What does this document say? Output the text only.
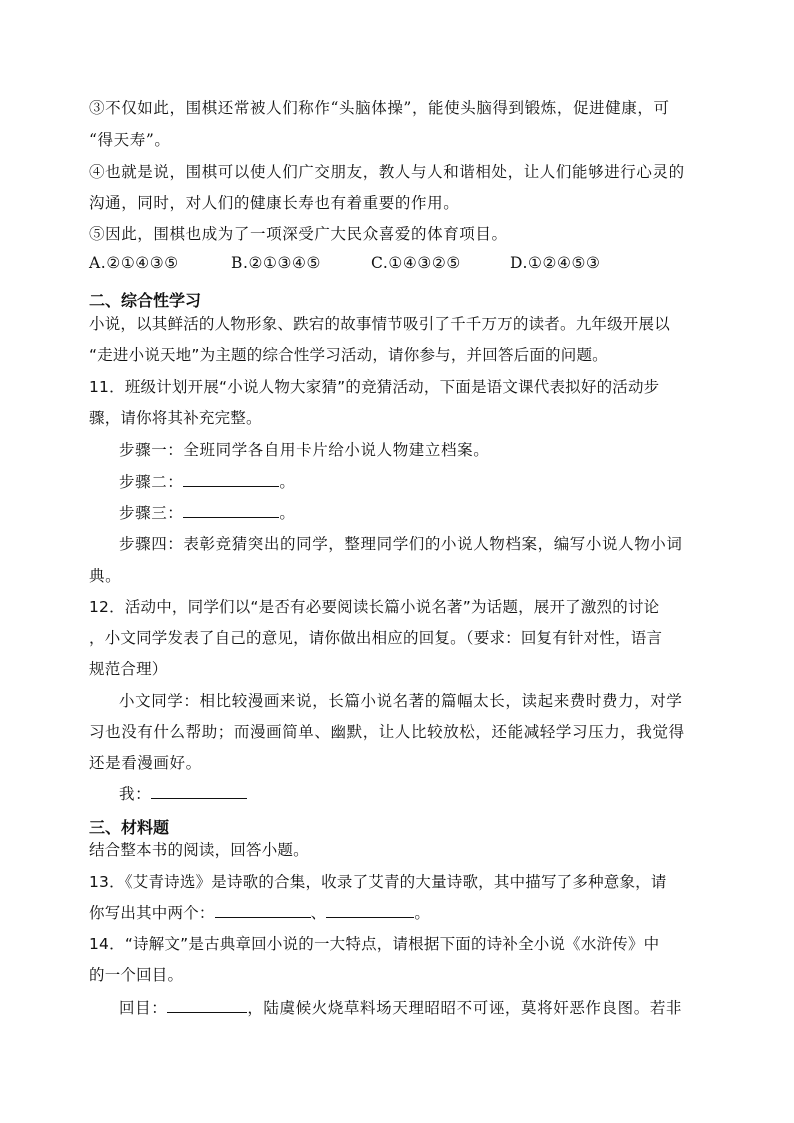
③不仅如此，围棋还常被人们称作“头脑体操”，能使头脑得到锻炼，促进健康，可
“得天寿”。
④也就是说，围棋可以使人们广交朋友，教人与人和谐相处，让人们能够进行心灵的
沟通，同时，对人们的健康长寿也有着重要的作用。
⑤因此，围棋也成为了一项深受广大民众喜爱的体育项目。
A.②①④③⑤	B.②①③④⑤	C.①④③②⑤	D.①②④⑤③
二、综合性学习
小说，以其鲜活的人物形象、跌宕的故事情节吸引了千千万万的读者。九年级开展以
“走进小说天地”为主题的综合性学习活动，请你参与，并回答后面的问题。
11．班级计划开展“小说人物大家猜”的竞猜活动，下面是语文课代表拟好的活动步
骤，请你将其补充完整。
步骤一：全班同学各自用卡片给小说人物建立档案。
步骤二：	。
步骤三：	。
步骤四：表彰竞猜突出的同学，整理同学们的小说人物档案，编写小说人物小词
典。
12．活动中，同学们以“是否有必要阅读长篇小说名著”为话题，展开了激烈的讨论
，小文同学发表了自己的意见，请你做出相应的回复。（要求：回复有针对性，语言
规范合理）
小文同学：相比较漫画来说，长篇小说名著的篇幅太长，读起来费时费力，对学
习也没有什么帮助；而漫画简单、幽默，让人比较放松，还能减轻学习压力，我觉得
还是看漫画好。
我：
三、材料题
结合整本书的阅读，回答小题。
13．《艾青诗选》是诗歌的合集，收录了艾青的大量诗歌，其中描写了多种意象，请
你写出其中两个：	、	。
14．“诗解文”是古典章回小说的一大特点，请根据下面的诗补全小说《水浒传》中
的一个回目。
回目：	，陆虞候火烧草料场天理昭昭不可诬，莫将奸恶作良图。若非
